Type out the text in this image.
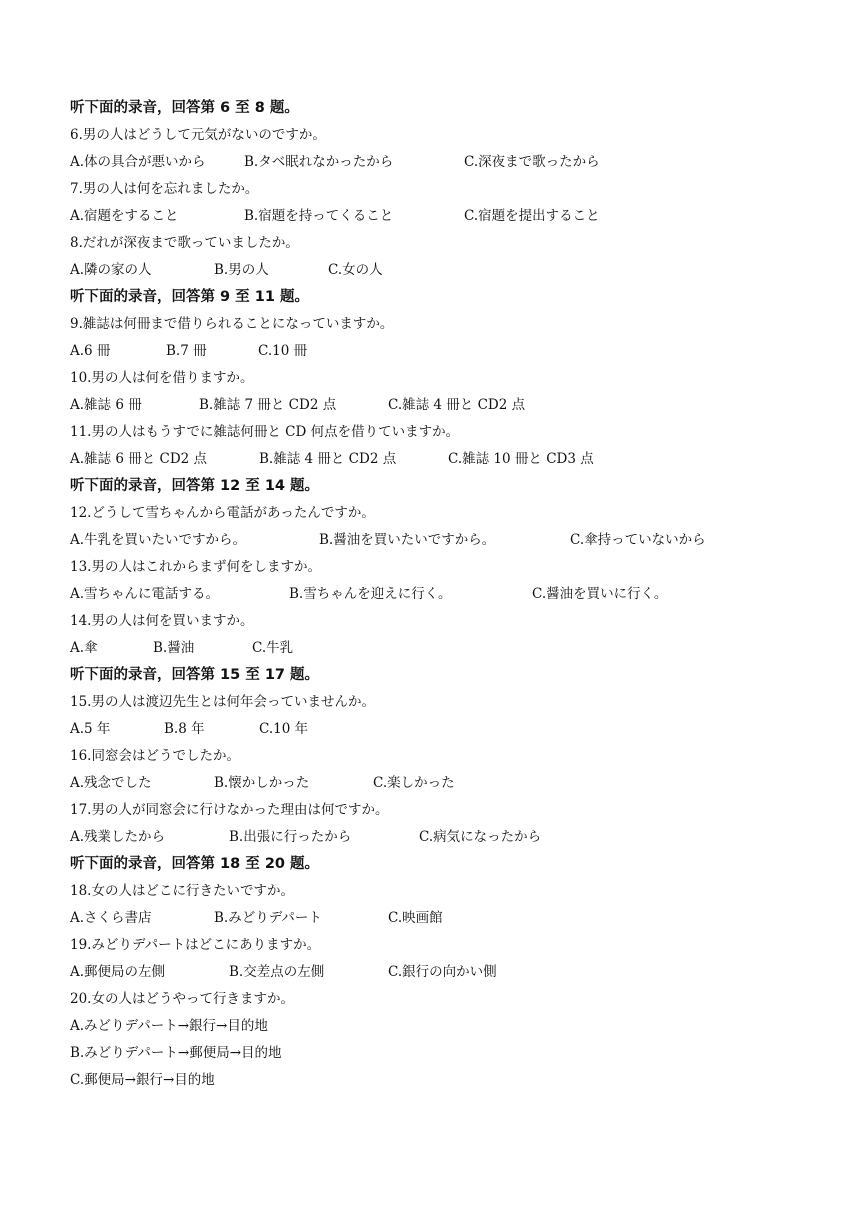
听下面的录音，回答第 6 至 8 题。
6.男の人はどうして元気がないのですか。
A.体の具合が悪いから	B.タベ眠れなかったから	C.深夜まで歌ったから
7.男の人は何を忘れましたか。
A.宿題をすること	B.宿題を持ってくること	C.宿題を提出すること
8.だれが深夜まで歌っていましたか。
A.隣の家の人	B.男の人	C.女の人
听下面的录音，回答第 9 至 11 题。
9.雑誌は何冊まで借りられることになっていますか。
A.6 冊	B.7 冊	C.10 冊
10.男の人は何を借りますか。
A.雑誌 6 冊	B.雑誌 7 冊と CD2 点	C.雑誌 4 冊と CD2 点
11.男の人はもうすでに雑誌何冊と CD 何点を借りていますか。
A.雑誌 6 冊と CD2 点	B.雑誌 4 冊と CD2 点	C.雑誌 10 冊と CD3 点
听下面的录音，回答第 12 至 14 题。
12.どうして雪ちゃんから電話があったんですか。
A.牛乳を買いたいですから。	B.醤油を買いたいですから。	C.傘持っていないから
13.男の人はこれからまず何をしますか。
A.雪ちゃんに電話する。	B.雪ちゃんを迎えに行く。	C.醤油を買いに行く。
14.男の人は何を買いますか。
A.傘	B.醤油	C.牛乳
听下面的录音，回答第 15 至 17 题。
15.男の人は渡辺先生とは何年会っていませんか。
A.5 年	B.8 年	C.10 年
16.同窓会はどうでしたか。
A.残念でした	B.懐かしかった	C.楽しかった
17.男の人が同窓会に行けなかった理由は何ですか。
A.残業したから	B.出張に行ったから	C.病気になったから
听下面的录音，回答第 18 至 20 题。
18.女の人はどこに行きたいですか。
A.さくら書店	B.みどりデパート	C.映画館
19.みどりデパートはどこにありますか。
A.郵便局の左側	B.交差点の左側	C.銀行の向かい側
20.女の人はどうやって行きますか。
A.みどりデパート→銀行→目的地
B.みどりデパート→郵便局→目的地
C.郵便局→銀行→目的地
